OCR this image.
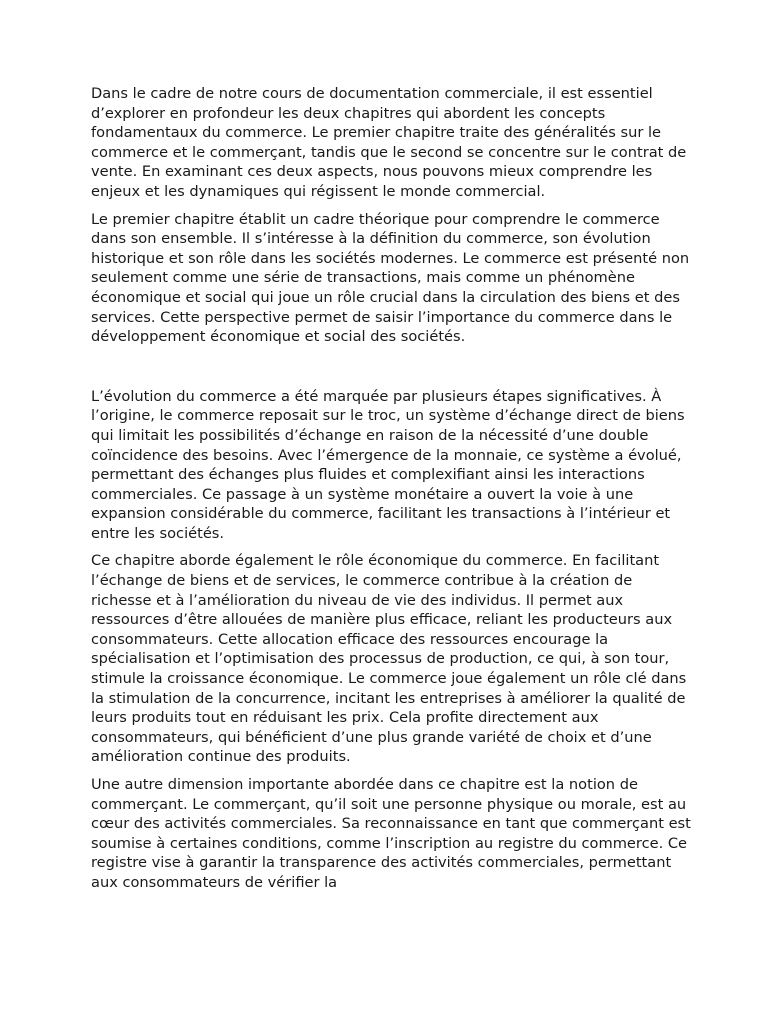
Dans le cadre de notre cours de documentation commerciale, il est essentiel d’explorer en profondeur les deux chapitres qui abordent les concepts fondamentaux du commerce. Le premier chapitre traite des généralités sur le commerce et le commerçant, tandis que le second se concentre sur le contrat de vente. En examinant ces deux aspects, nous pouvons mieux comprendre les enjeux et les dynamiques qui régissent le monde commercial.

Le premier chapitre établit un cadre théorique pour comprendre le commerce dans son ensemble. Il s’intéresse à la définition du commerce, son évolution historique et son rôle dans les sociétés modernes. Le commerce est présenté non seulement comme une série de transactions, mais comme un phénomène économique et social qui joue un rôle crucial dans la circulation des biens et des services. Cette perspective permet de saisir l’importance du commerce dans le développement économique et social des sociétés.

L’évolution du commerce a été marquée par plusieurs étapes significatives. À l’origine, le commerce reposait sur le troc, un système d’échange direct de biens qui limitait les possibilités d’échange en raison de la nécessité d’une double coïncidence des besoins. Avec l’émergence de la monnaie, ce système a évolué, permettant des échanges plus fluides et complexifiant ainsi les interactions commerciales. Ce passage à un système monétaire a ouvert la voie à une expansion considérable du commerce, facilitant les transactions à l’intérieur et entre les sociétés.

Ce chapitre aborde également le rôle économique du commerce. En facilitant l’échange de biens et de services, le commerce contribue à la création de richesse et à l’amélioration du niveau de vie des individus. Il permet aux ressources d’être allouées de manière plus efficace, reliant les producteurs aux consommateurs. Cette allocation efficace des ressources encourage la spécialisation et l’optimisation des processus de production, ce qui, à son tour, stimule la croissance économique. Le commerce joue également un rôle clé dans la stimulation de la concurrence, incitant les entreprises à améliorer la qualité de leurs produits tout en réduisant les prix. Cela profite directement aux consommateurs, qui bénéficient d’une plus grande variété de choix et d’une amélioration continue des produits.

Une autre dimension importante abordée dans ce chapitre est la notion de commerçant. Le commerçant, qu’il soit une personne physique ou morale, est au cœur des activités commerciales. Sa reconnaissance en tant que commerçant est soumise à certaines conditions, comme l’inscription au registre du commerce. Ce registre vise à garantir la transparence des activités commerciales, permettant aux consommateurs de vérifier la
